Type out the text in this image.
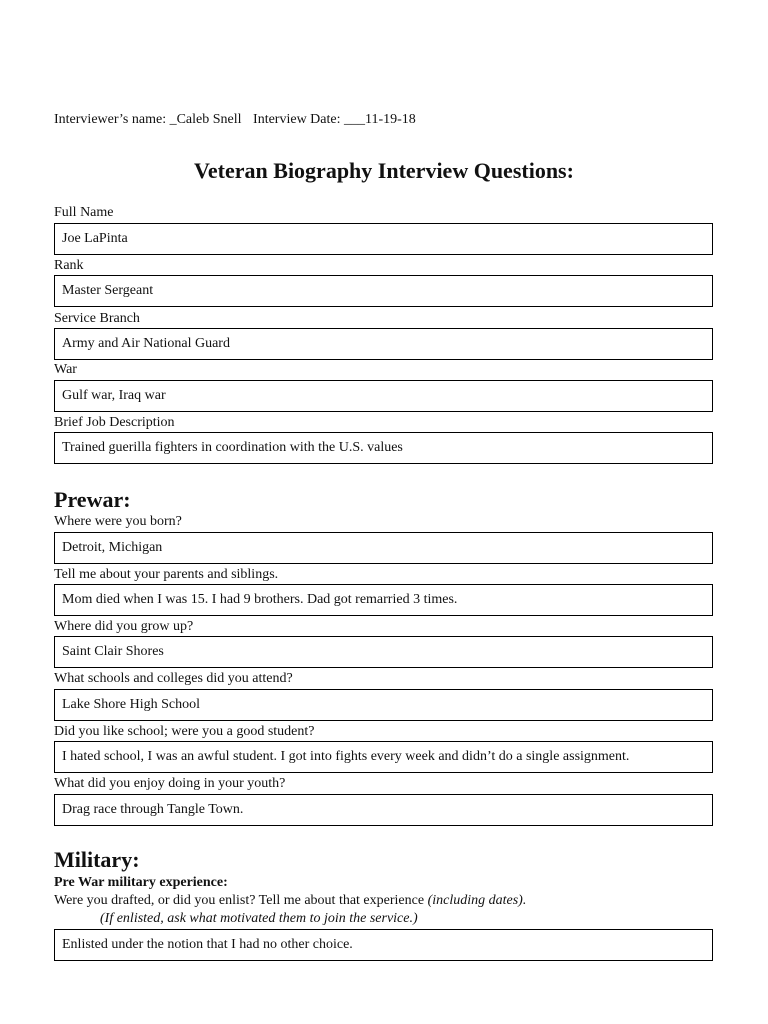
Interviewer’s name: _Caleb Snell Interview Date: ___11-19-18
Veteran Biography Interview Questions:
Full Name
Joe LaPinta
Rank
Master Sergeant
Service Branch
Army and Air National Guard
War
Gulf war, Iraq war
Brief Job Description
Trained guerilla fighters in coordination with the U.S. values
Prewar:
Where were you born?
Detroit, Michigan
Tell me about your parents and siblings.
Mom died when I was 15. I had 9 brothers. Dad got remarried 3 times.
Where did you grow up?
Saint Clair Shores
What schools and colleges did you attend?
Lake Shore High School
Did you like school; were you a good student?
I hated school, I was an awful student. I got into fights every week and didn’t do a single assignment.
What did you enjoy doing in your youth?
Drag race through Tangle Town.
Military:
Pre War military experience:
Were you drafted, or did you enlist? Tell me about that experience (including dates).
(If enlisted, ask what motivated them to join the service.)
Enlisted under the notion that I had no other choice.
